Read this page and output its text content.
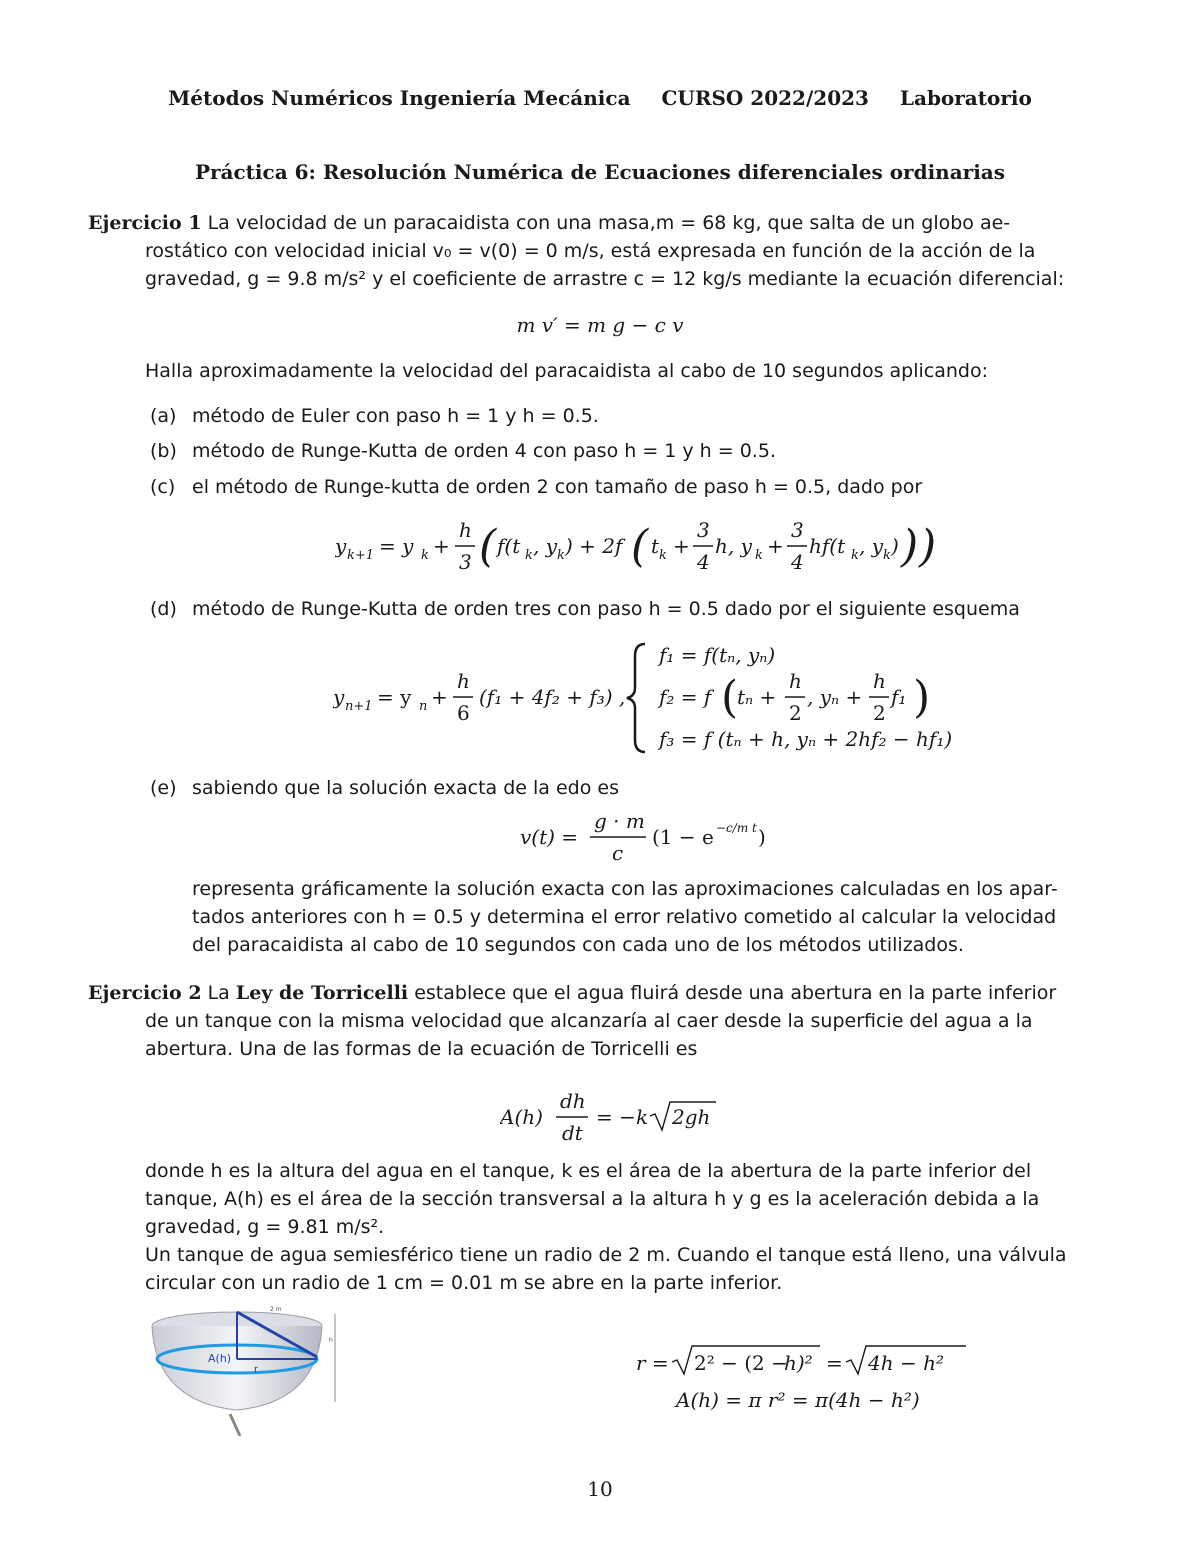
Métodos Numéricos Ingeniería Mecánica CURSO 2022/2023 Laboratorio
Práctica 6: Resolución Numérica de Ecuaciones diferenciales ordinarias
Ejercicio 1 La velocidad de un paracaidista con una masa,m = 68 kg, que salta de un globo ae-
rostático con velocidad inicial v₀ = v(0) = 0 m/s, está expresada en función de la acción de la
gravedad, g = 9.8 m/s² y el coeficiente de arrastre c = 12 kg/s mediante la ecuación diferencial:
m v′ = m g − c v
Halla aproximadamente la velocidad del paracaidista al cabo de 10 segundos aplicando:
(a) método de Euler con paso h = 1 y h = 0.5.
(b) método de Runge-Kutta de orden 4 con paso h = 1 y h = 0.5.
(c) el método de Runge-kutta de orden 2 con tamaño de paso h = 0.5, dado por
y k+1 = y k +
h
3 ( f(t k , y k ) + 2 f ( t k +
3
4
h, y k +
3
4
hf(t k , y k ) ) )
(d) método de Runge-Kutta de orden tres con paso h = 0.5 dado por el siguiente esquema
y n+1 = y n +
h
6
(f₁ + 4f₂ + f₃) ,
f₁ = f(tₙ, yₙ)
f₂ = f (
tₙ +
h
2
, yₙ +
h
2
f₁ )
f₃ = f (tₙ + h, yₙ + 2hf₂ − hf₁)
(e) sabiendo que la solución exacta de la edo es
v(t) =
g · m
c
(1 − e −c/m t )
representa gráficamente la solución exacta con las aproximaciones calculadas en los apar-
tados anteriores con h = 0.5 y determina el error relativo cometido al calcular la velocidad
del paracaidista al cabo de 10 segundos con cada uno de los métodos utilizados.
Ejercicio 2 La Ley de Torricelli establece que el agua fluirá desde una abertura en la parte inferior
de un tanque con la misma velocidad que alcanzaría al caer desde la superficie del agua a la
abertura. Una de las formas de la ecuación de Torricelli es
A(h)
dh
dt
= − k 2gh
donde h es la altura del agua en el tanque, k es el área de la abertura de la parte inferior del
tanque, A(h) es el área de la sección transversal a la altura h y g es la aceleración debida a la
gravedad, g = 9.81 m/s².
Un tanque de agua semiesférico tiene un radio de 2 m. Cuando el tanque está lleno, una válvula
circular con un radio de 1 cm = 0.01 m se abre en la parte inferior.
A(h)
r
2 m
h
r = 2² − (2 −
h)² = 4h − h²
A(h) = π r² = π(4h − h²)
10
